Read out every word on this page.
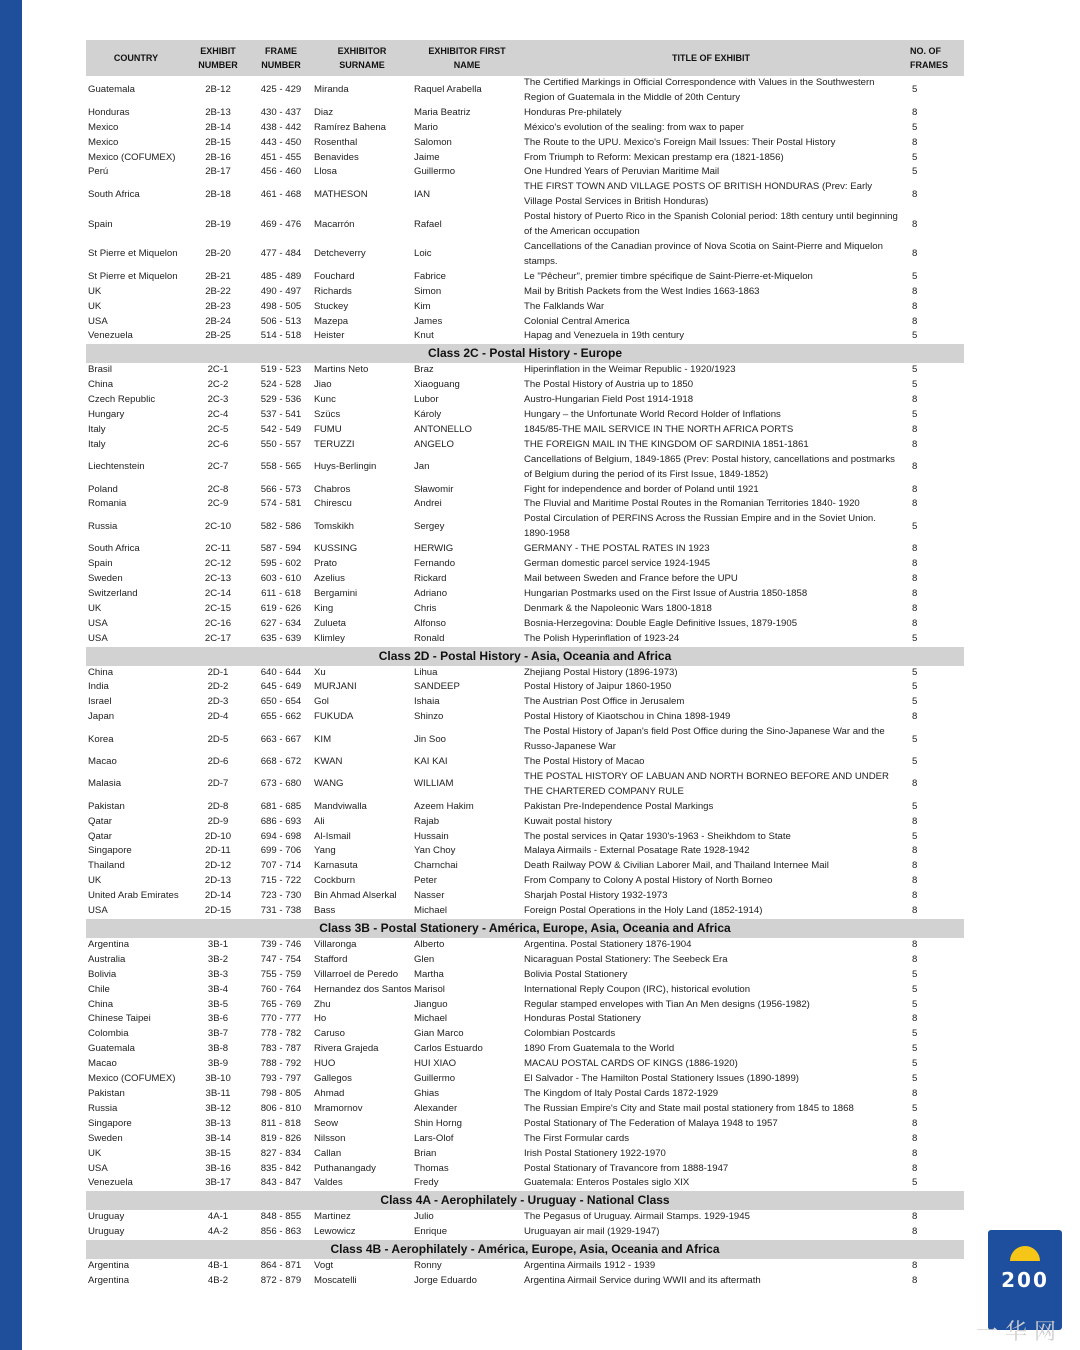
COUNTRY	EXHIBIT NUMBER	FRAME NUMBER	EXHIBITOR SURNAME	EXHIBITOR FIRST NAME	TITLE OF EXHIBIT	NO. OF FRAMES
Guatemala	2B-12	425 - 429	Miranda	Raquel Arabella	The Certified Markings in Official Correspondence with Values in the Southwestern Region of Guatemala in the Middle of 20th Century	5
Honduras	2B-13	430 - 437	Diaz	Maria Beatriz	Honduras Pre-philately	8
Mexico	2B-14	438 - 442	Ramírez Bahena	Mario	México's evolution of the sealing: from wax to paper	5
Mexico	2B-15	443 - 450	Rosenthal	Salomon	The Route to the UPU. Mexico's Foreign Mail Issues: Their Postal History	8
Mexico (COFUMEX)	2B-16	451 - 455	Benavides	Jaime	From Triumph to Reform: Mexican prestamp era (1821-1856)	5
Perú	2B-17	456 - 460	Llosa	Guillermo	One Hundred Years of Peruvian Maritime Mail	5
South Africa	2B-18	461 - 468	MATHESON	IAN	THE FIRST TOWN AND VILLAGE POSTS OF BRITISH HONDURAS (Prev: Early Village Postal Services in British Honduras)	8
Spain	2B-19	469 - 476	Macarrón	Rafael	Postal history of Puerto Rico in the Spanish Colonial period: 18th century until beginning of the American occupation	8
St Pierre et Miquelon	2B-20	477 - 484	Detcheverry	Loic	Cancellations of the Canadian province of Nova Scotia on Saint-Pierre and Miquelon stamps.	8
St Pierre et Miquelon	2B-21	485 - 489	Fouchard	Fabrice	Le "Pêcheur", premier timbre spécifique de Saint-Pierre-et-Miquelon	5
UK	2B-22	490 - 497	Richards	Simon	Mail by British Packets from the West Indies 1663-1863	8
UK	2B-23	498 - 505	Stuckey	Kim	The Falklands War	8
USA	2B-24	506 - 513	Mazepa	James	Colonial Central America	8
Venezuela	2B-25	514 - 518	Heister	Knut	Hapag and Venezuela in 19th century	5
Class 2C - Postal History - Europe						
Brasil	2C-1	519 - 523	Martins Neto	Braz	Hiperinflation in the Weimar Republic - 1920/1923	5
China	2C-2	524 - 528	Jiao	Xiaoguang	The Postal History of Austria up to 1850	5
Czech Republic	2C-3	529 - 536	Kunc	Lubor	Austro-Hungarian Field Post 1914-1918	8
Hungary	2C-4	537 - 541	Szücs	Károly	Hungary – the Unfortunate World Record Holder of Inflations	5
Italy	2C-5	542 - 549	FUMU	ANTONELLO	1845/85-THE MAIL SERVICE IN THE NORTH AFRICA PORTS	8
Italy	2C-6	550 - 557	TERUZZI	ANGELO	THE FOREIGN MAIL IN THE KINGDOM OF SARDINIA 1851-1861	8
Liechtenstein	2C-7	558 - 565	Huys-Berlingin	Jan	Cancellations of Belgium, 1849-1865 (Prev: Postal history, cancellations and postmarks of Belgium during the period of its First Issue, 1849-1852)	8
Poland	2C-8	566 - 573	Chabros	Sławomir	Fight for independence and border of Poland until 1921	8
Romania	2C-9	574 - 581	Chirescu	Andrei	The Fluvial and Maritime Postal Routes in the Romanian Territories 1840- 1920	8
Russia	2C-10	582 - 586	Tomskikh	Sergey	Postal Circulation of PERFINS Across the Russian Empire and in the Soviet Union. 1890-1958	5
South Africa	2C-11	587 - 594	KUSSING	HERWIG	GERMANY - THE POSTAL RATES IN 1923	8
Spain	2C-12	595 - 602	Prato	Fernando	German domestic parcel service 1924-1945	8
Sweden	2C-13	603 - 610	Azelius	Rickard	Mail between Sweden and France before the UPU	8
Switzerland	2C-14	611 - 618	Bergamini	Adriano	Hungarian Postmarks used on the First Issue of Austria 1850-1858	8
UK	2C-15	619 - 626	King	Chris	Denmark & the Napoleonic Wars 1800-1818	8
USA	2C-16	627 - 634	Zulueta	Alfonso	Bosnia-Herzegovina: Double Eagle Definitive Issues, 1879-1905	8
USA	2C-17	635 - 639	Klimley	Ronald	The Polish Hyperinflation of 1923-24	5
Class 2D - Postal History - Asia, Oceania and Africa						
China	2D-1	640 - 644	Xu	Lihua	Zhejiang Postal History (1896-1973)	5
India	2D-2	645 - 649	MURJANI	SANDEEP	Postal History of Jaipur 1860-1950	5
Israel	2D-3	650 - 654	Gol	Ishaia	The Austrian Post Office in Jerusalem	5
Japan	2D-4	655 - 662	FUKUDA	Shinzo	Postal History of Kiaotschou in China 1898-1949	8
Korea	2D-5	663 - 667	KIM	Jin Soo	The Postal History of Japan's field Post Office during the Sino-Japanese War and the Russo-Japanese War	5
Macao	2D-6	668 - 672	KWAN	KAI KAI	The Postal History of Macao	5
Malasia	2D-7	673 - 680	WANG	WILLIAM	THE POSTAL HISTORY OF LABUAN AND NORTH BORNEO BEFORE AND UNDER THE CHARTERED COMPANY RULE	8
Pakistan	2D-8	681 - 685	Mandviwalla	Azeem Hakim	Pakistan Pre-Independence Postal Markings	5
Qatar	2D-9	686 - 693	Ali	Rajab	Kuwait postal history	8
Qatar	2D-10	694 - 698	Al-Ismail	Hussain	The postal services in Qatar 1930's-1963 - Sheikhdom to State	5
Singapore	2D-11	699 - 706	Yang	Yan Choy	Malaya Airmails - External Posatage Rate 1928-1942	8
Thailand	2D-12	707 - 714	Karnasuta	Charnchai	Death Railway POW & Civilian Laborer Mail, and Thailand Internee Mail	8
UK	2D-13	715 - 722	Cockburn	Peter	From Company to Colony A postal History of North Borneo	8
United Arab Emirates	2D-14	723 - 730	Bin Ahmad Alserkal	Nasser	Sharjah Postal History 1932-1973	8
USA	2D-15	731 - 738	Bass	Michael	Foreign Postal Operations in the Holy Land (1852-1914)	8
Class 3B - Postal Stationery - América, Europe, Asia, Oceania and Africa						
Argentina	3B-1	739 - 746	Villaronga	Alberto	Argentina. Postal Stationery 1876-1904	8
Australia	3B-2	747 - 754	Stafford	Glen	Nicaraguan Postal Stationery: The Seebeck Era	8
Bolivia	3B-3	755 - 759	Villarroel de Peredo	Martha	Bolivia Postal Stationery	5
Chile	3B-4	760 - 764	Hernandez dos Santos	Marisol	International Reply Coupon (IRC), historical evolution	5
China	3B-5	765 - 769	Zhu	Jianguo	Regular stamped envelopes with Tian An Men designs (1956-1982)	5
Chinese Taipei	3B-6	770 - 777	Ho	Michael	Honduras Postal Stationery	8
Colombia	3B-7	778 - 782	Caruso	Gian Marco	Colombian Postcards	5
Guatemala	3B-8	783 - 787	Rivera Grajeda	Carlos Estuardo	1890 From Guatemala to the World	5
Macao	3B-9	788 - 792	HUO	HUI XIAO	MACAU POSTAL CARDS OF KINGS (1886-1920)	5
Mexico (COFUMEX)	3B-10	793 - 797	Gallegos	Guillermo	El Salvador - The Hamilton Postal Stationery Issues (1890-1899)	5
Pakistan	3B-11	798 - 805	Ahmad	Ghias	The Kingdom of Italy Postal Cards 1872-1929	8
Russia	3B-12	806 - 810	Mramornov	Alexander	The Russian Empire's City and State mail postal stationery from 1845 to 1868	5
Singapore	3B-13	811 - 818	Seow	Shin Horng	Postal Stationary of The Federation of Malaya 1948 to 1957	8
Sweden	3B-14	819 - 826	Nilsson	Lars-Olof	The First Formular cards	8
UK	3B-15	827 - 834	Callan	Brian	Irish Postal Stationery 1922-1970	8
USA	3B-16	835 - 842	Puthanangady	Thomas	Postal Stationary of Travancore from 1888-1947	8
Venezuela	3B-17	843 - 847	Valdes	Fredy	Guatemala: Enteros Postales siglo XIX	5
Class 4A - Aerophilately - Uruguay - National Class						
Uruguay	4A-1	848 - 855	Martinez	Julio	The Pegasus of Uruguay. Airmail Stamps. 1929-1945	8
Uruguay	4A-2	856 - 863	Lewowicz	Enrique	Uruguayan air mail (1929-1947)	8
Class 4B - Aerophilately - América, Europe, Asia, Oceania and Africa						
Argentina	4B-1	864 - 871	Vogt	Ronny	Argentina Airmails 1912 - 1939	8
Argentina	4B-2	872 - 879	Moscatelli	Jorge Eduardo	Argentina Airmail Service during WWII and its aftermath	8	200
一 华 网
